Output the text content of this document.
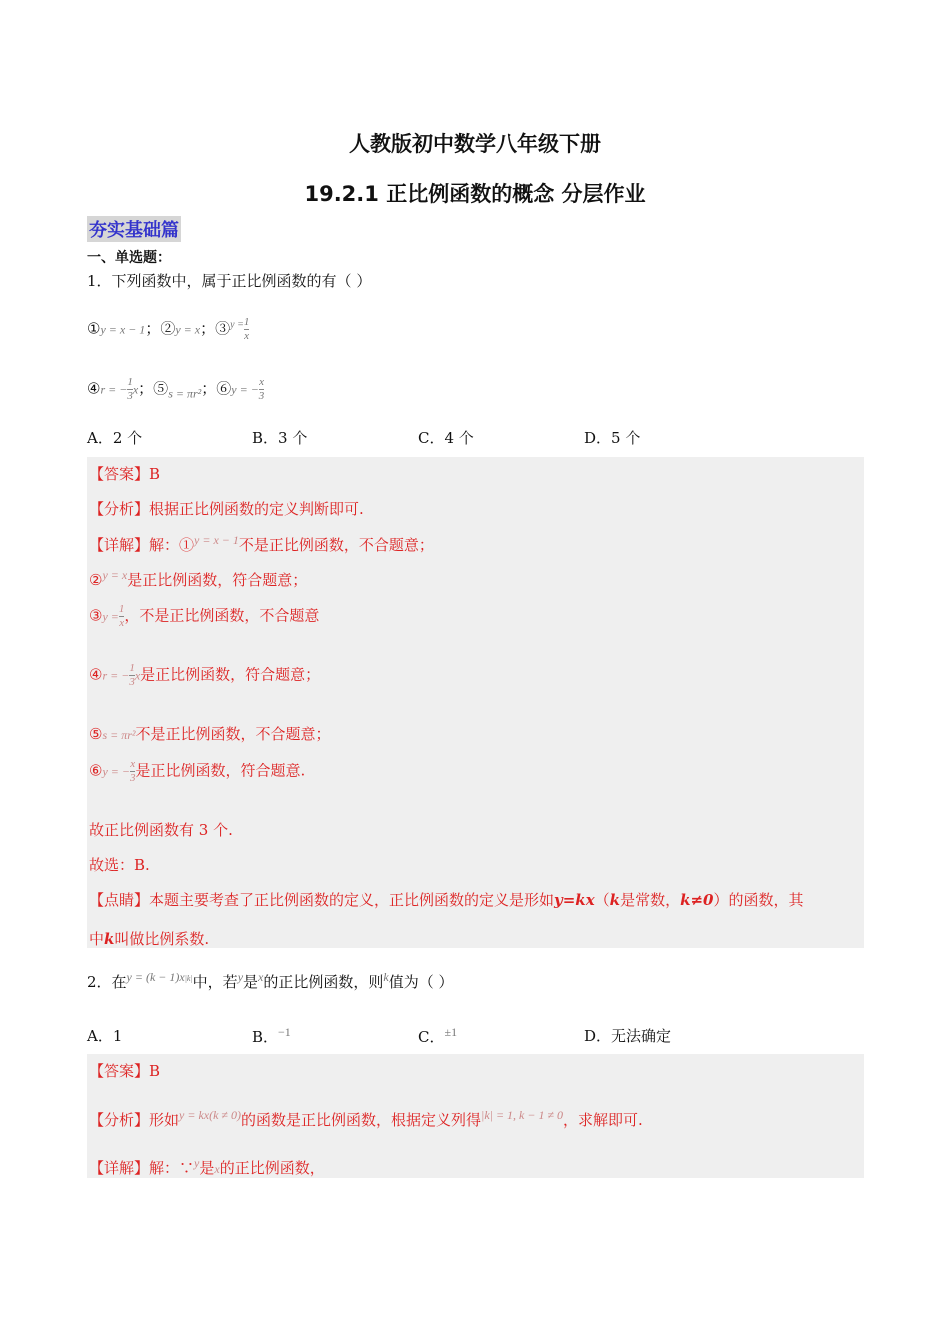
人教版初中数学八年级下册
19.2.1 正比例函数的概念 分层作业
夯实基础篇
一、单选题：
1．下列函数中，属于正比例函数的有（ ）
①y = x − 1；②y = x；③$^{y =}$ $\frac{1}{x}$
④r = − $\frac{1}{3}$ x；$⑤_{s = \pi r^2}$；⑥y = − $\frac{x}{3}$
A．2 个	B．3 个	C．4 个	D．5 个
【答案】B
【分析】根据正比例函数的定义判断即可.
【详解】解：①$^{y = x - 1}$不是正比例函数，不合题意；
②$^{y = x}$是正比例函数，符合题意；
③y = $\frac{1}{x}$ ，不是正比例函数，不合题意
④r = − $\frac{1}{3}$ x是正比例函数，符合题意；
⑤s = πr²不是正比例函数，不合题意；
⑥y = − $\frac{x}{3}$ 是正比例函数，符合题意.
故正比例函数有 3 个.
故选：B.
【点睛】本题主要考查了正比例函数的定义，正比例函数的定义是形如y=kx（k是常数，k≠0）的函数，其
中k叫做比例系数.
2．在$^{y = (k - 1)x|k|}$中，若$^y$是$^x$的正比例函数，则$^k$值为（ ）
A．1	B．$^{-1}$	C．$^{\pm 1}$	D．无法确定
【答案】B
【分析】形如$^{y = kx(k \ne 0)}$的函数是正比例函数，根据定义列得$^{|k| = 1, k - 1 \ne 0}$，求解即可.
【详解】解：∵$^y$是x的正比例函数，
